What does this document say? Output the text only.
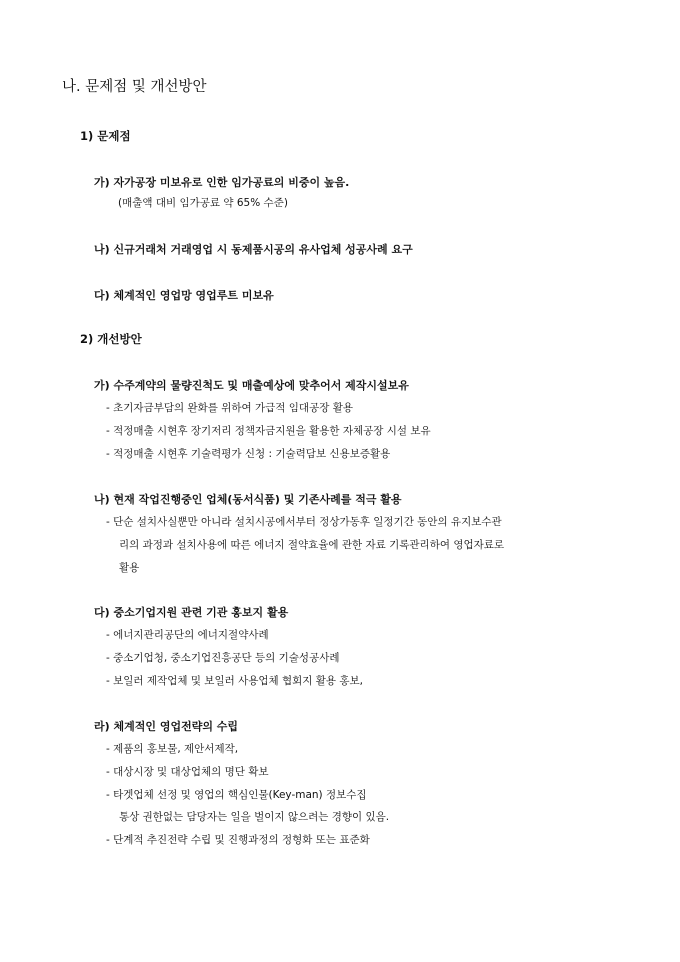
나. 문제점 및 개선방안
1) 문제점
가) 자가공장 미보유로 인한 임가공료의 비중이 높음.
(매출액 대비 임가공료 약 65% 수준)
나) 신규거래처 거래영업 시 동제품시공의 유사업체 성공사례 요구
다) 체계적인 영업망 영업루트 미보유
2) 개선방안
가) 수주계약의 물량진척도 및 매출예상에 맞추어서 제작시설보유
- 초기자금부담의 완화를 위하여 가급적 임대공장 활용
- 적정매출 시현후 장기저리 정책자금지원을 활용한 자체공장 시설 보유
- 적정매출 시현후 기술력평가 신청 : 기술력담보 신용보증활용
나) 현재 작업진행중인 업체(동서식품) 및 기존사례를 적극 활용
- 단순 설치사실뿐만 아니라 설치시공에서부터 정상가동후 일정기간 동안의 유지보수관
리의 과정과 설치사용에 따른 에너지 절약효율에 관한 자료 기록관리하여 영업자료로
활용
다) 중소기업지원 관련 기관 홍보지 활용
- 에너지관리공단의 에너지절약사례
- 중소기업청, 중소기업진흥공단 등의 기술성공사례
- 보일러 제작업체 및 보일러 사용업체 협회지 활용 홍보,
라) 체계적인 영업전략의 수립
- 제품의 홍보물, 제안서제작,
- 대상시장 및 대상업체의 명단 확보
- 타겟업체 선정 및 영업의 핵심인물(Key-man) 정보수집
통상 권한없는 담당자는 일을 벌이지 않으려는 경향이 있음.
- 단계적 추진전략 수립 및 진행과정의 정형화 또는 표준화
